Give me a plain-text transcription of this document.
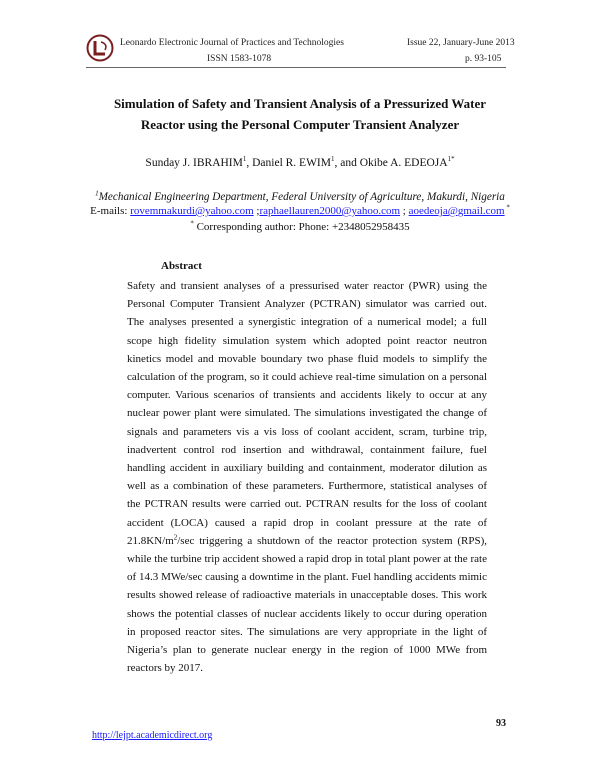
Leonardo Electronic Journal of Practices and Technologies
ISSN 1583-1078
Issue 22, January-June 2013
p. 93-105
Simulation of Safety and Transient Analysis of a Pressurized Water
Reactor using the Personal Computer Transient Analyzer
Sunday J. IBRAHIM$^1$, Daniel R. EWIM$^1$, and Okibe A. $EDEOJA^{1*}$
$^1$Mechanical Engineering Department, Federal University of Agriculture, Makurdi, Nigeria
E-mails: rovemmakurdi@yahoo.com ;raphaellauren2000@yahoo.com ; aoedeoja@gmail.com *
* Corresponding author: Phone: +2348052958435
Abstract

Safety and transient analyses of a pressurised water reactor (PWR) using the Personal Computer Transient Analyzer (PCTRAN) simulator was carried out. The analyses presented a synergistic integration of a numerical model; a full scope high fidelity simulation system which adopted point reactor neutron kinetics model and movable boundary two phase fluid models to simplify the calculation of the program, so it could achieve real-time simulation on a personal computer. Various scenarios of transients and accidents likely to occur at any nuclear power plant were simulated. The simulations investigated the change of signals and parameters vis a vis loss of coolant accident, scram, turbine trip, inadvertent control rod insertion and withdrawal, containment failure, fuel handling accident in auxiliary building and containment, moderator dilution as well as a combination of these parameters. Furthermore, statistical analyses of the PCTRAN results were carried out. PCTRAN results for the loss of coolant accident (LOCA) caused a rapid drop in coolant pressure at the rate of $21.8KN/m^2/\sec$ triggering a shutdown of the reactor protection system (RPS), while the turbine trip accident showed a rapid drop in total plant power at the rate of 14.3 MWe/sec causing a downtime in the plant. Fuel handling accidents mimic results showed release of radioactive materials in unacceptable doses. This work shows the potential classes of nuclear accidents likely to occur during operation in proposed reactor sites. The simulations are very appropriate in the light of Nigeria’s plan to generate nuclear energy in the region of 1000 MWe from reactors by 2017.

93
http://lejpt.academicdirect.org
